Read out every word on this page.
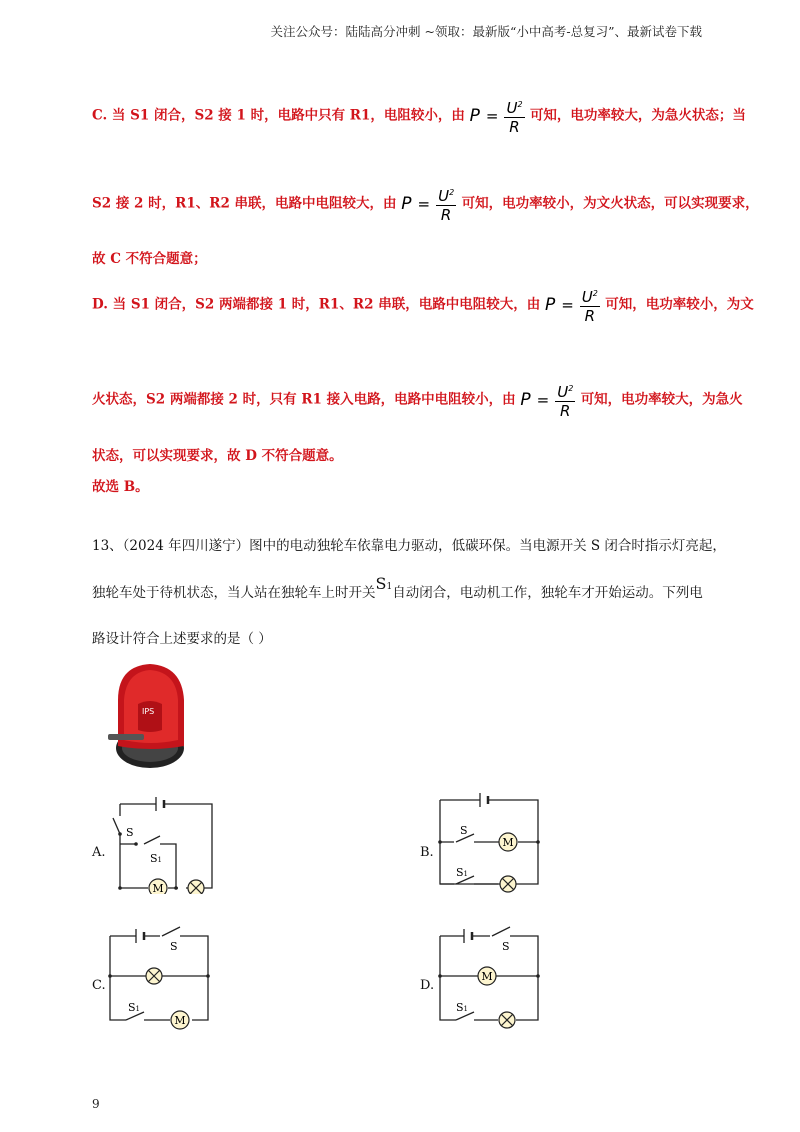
关注公众号：陆陆高分冲刺 ~领取：最新版“小中高考-总复习”、最新试卷下载
C. 当 S1 闭合，S2 接 1 时，电路中只有 R1，电阻较小，由 $P = \frac{U^2}{R}$ 可知，电功率较大，为急火状态；当
S2 接 2 时，R1、R2 串联，电路中电阻较大，由 $P = \frac{U^2}{R}$ 可知，电功率较小，为文火状态，可以实现要求，
故 C 不符合题意；
D. 当 S1 闭合，S2 两端都接 1 时，R1、R2 串联，电路中电阻较大，由 $P = \frac{U^2}{R}$ 可知，电功率较小，为文
火状态，S2 两端都接 2 时，只有 R1 接入电路，电路中电阻较小，由 $P = \frac{U^2}{R}$ 可知，电功率较大，为急火
状态，可以实现要求，故 D 不符合题意。
故选 B。
13、（2024 年四川遂宁）图中的电动独轮车依靠电力驱动，低碳环保。当电源开关 S 闭合时指示灯亮起，
独轮车处于待机状态，当人站在独轮车上时开关S1自动闭合，电动机工作，独轮车才开始运动。下列电
路设计符合上述要求的是（ ）
IPS
A.
M
S
S1	B.
M
S
S1
C.
M
S
S1
D.
M
S
S1
9
